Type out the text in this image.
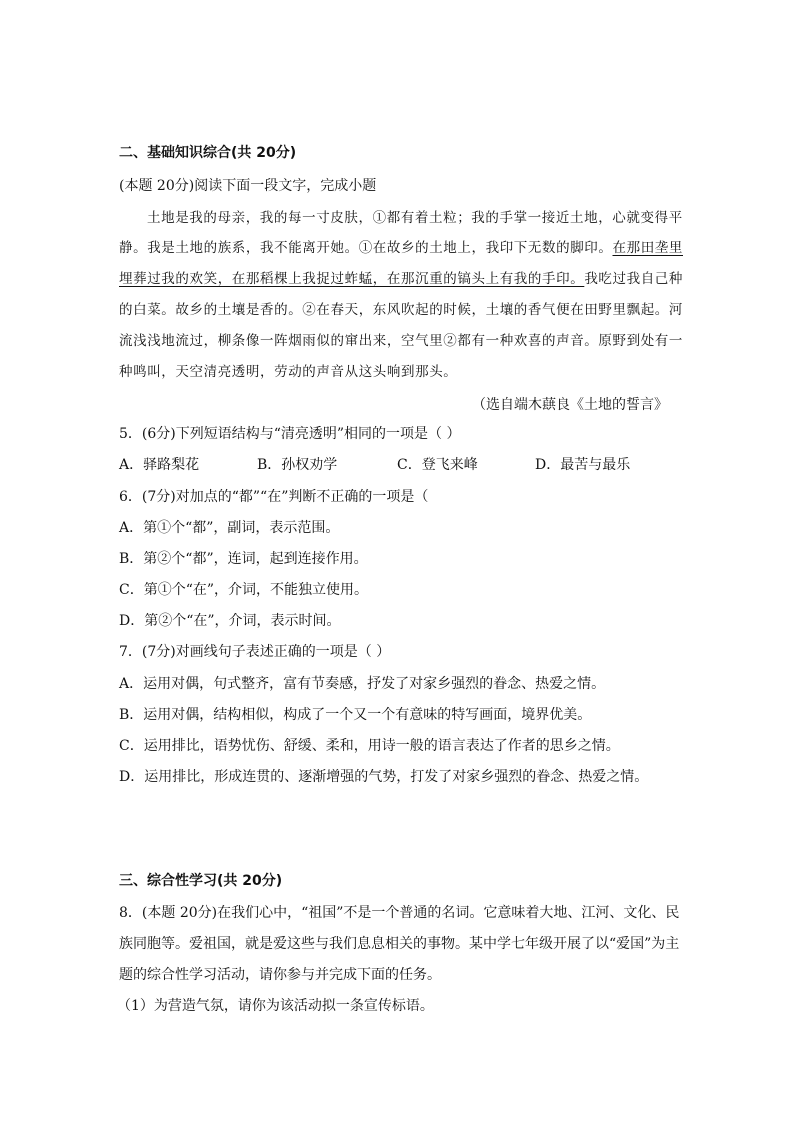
二、基础知识综合(共 20分)
(本题 20分)阅读下面一段文字，完成小题
土地是我的母亲，我的每一寸皮肤，①都有着土粒；我的手掌一接近土地，心就变得平
静。我是土地的族系，我不能离开她。①在故乡的土地上，我印下无数的脚印。在那田垄里
埋葬过我的欢笑，在那稻棵上我捉过蚱蜢，在那沉重的镐头上有我的手印。我吃过我自己种
的白菜。故乡的土壤是香的。②在春天，东风吹起的时候，土壤的香气便在田野里飘起。河
流浅浅地流过，柳条像一阵烟雨似的窜出来，空气里②都有一种欢喜的声音。原野到处有一
种鸣叫，天空清亮透明，劳动的声音从这头响到那头。
（选自端木蕻良《土地的誓言》
5．(6分)下列短语结构与“清亮透明”相同的一项是（ ）
A．驿路梨花	B．孙权劝学	C．登飞来峰	D．最苦与最乐
6．(7分)对加点的“都”“在”判断不正确的一项是（
A．第①个“都”，副词，表示范围。
B．第②个“都”，连词，起到连接作用。
C．第①个“在”，介词，不能独立使用。
D．第②个“在”，介词，表示时间。
7．(7分)对画线句子表述正确的一项是（ ）
A．运用对偶，句式整齐，富有节奏感，抒发了对家乡强烈的眷念、热爱之情。
B．运用对偶，结构相似，构成了一个又一个有意味的特写画面，境界优美。
C．运用排比，语势忧伤、舒缓、柔和，用诗一般的语言表达了作者的思乡之情。
D．运用排比，形成连贯的、逐渐增强的气势，打发了对家乡强烈的眷念、热爱之情。
三、综合性学习(共 20分)
8．(本题 20分)在我们心中，“祖国”不是一个普通的名词。它意味着大地、江河、文化、民
族同胞等。爱祖国，就是爱这些与我们息息相关的事物。某中学七年级开展了以“爱国”为主
题的综合性学习活动，请你参与并完成下面的任务。
（1）为营造气氛，请你为该活动拟一条宣传标语。
